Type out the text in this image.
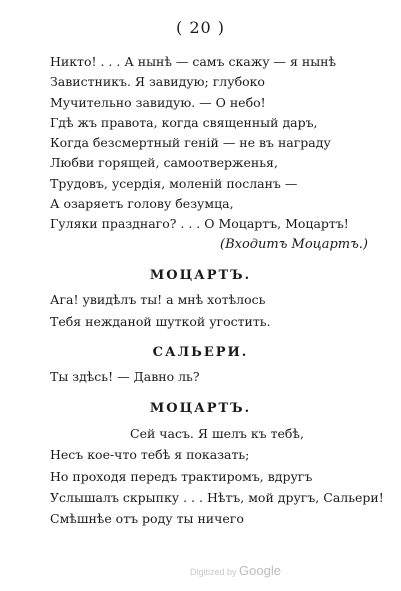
( 20 )
Никто! . . . А нынѣ — самъ скажу — я нынѣ
Завистникъ. Я завидую; глубоко
Мучительно завидую. — О небо!
Гдѣ жъ правота, когда священный даръ,
Когда безсмертный геній — не въ награду
Любви горящей, самоотверженья,
Трудовъ, усердія, моленій посланъ —
А озаряетъ голову безумца,
Гуляки празднаго? . . . О Моцартъ, Моцартъ!
(Входитъ Моцартъ.)
МОЦАРТЪ.
Ага! увидѣлъ ты! а мнѣ хотѣлось
Тебя нежданой шуткой угостить.
САЛЬЕРИ.
Ты здѣсь! — Давно ль?
МОЦАРТЪ.
Сей часъ. Я шелъ къ тебѣ,
Несъ кое-что тебѣ я показать;
Но проходя передъ трактиромъ, вдругъ
Услышалъ скрыпку . . . Нѣтъ, мой другъ, Сальери!
Смѣшнѣе отъ роду ты ничего
Digitized by Google
